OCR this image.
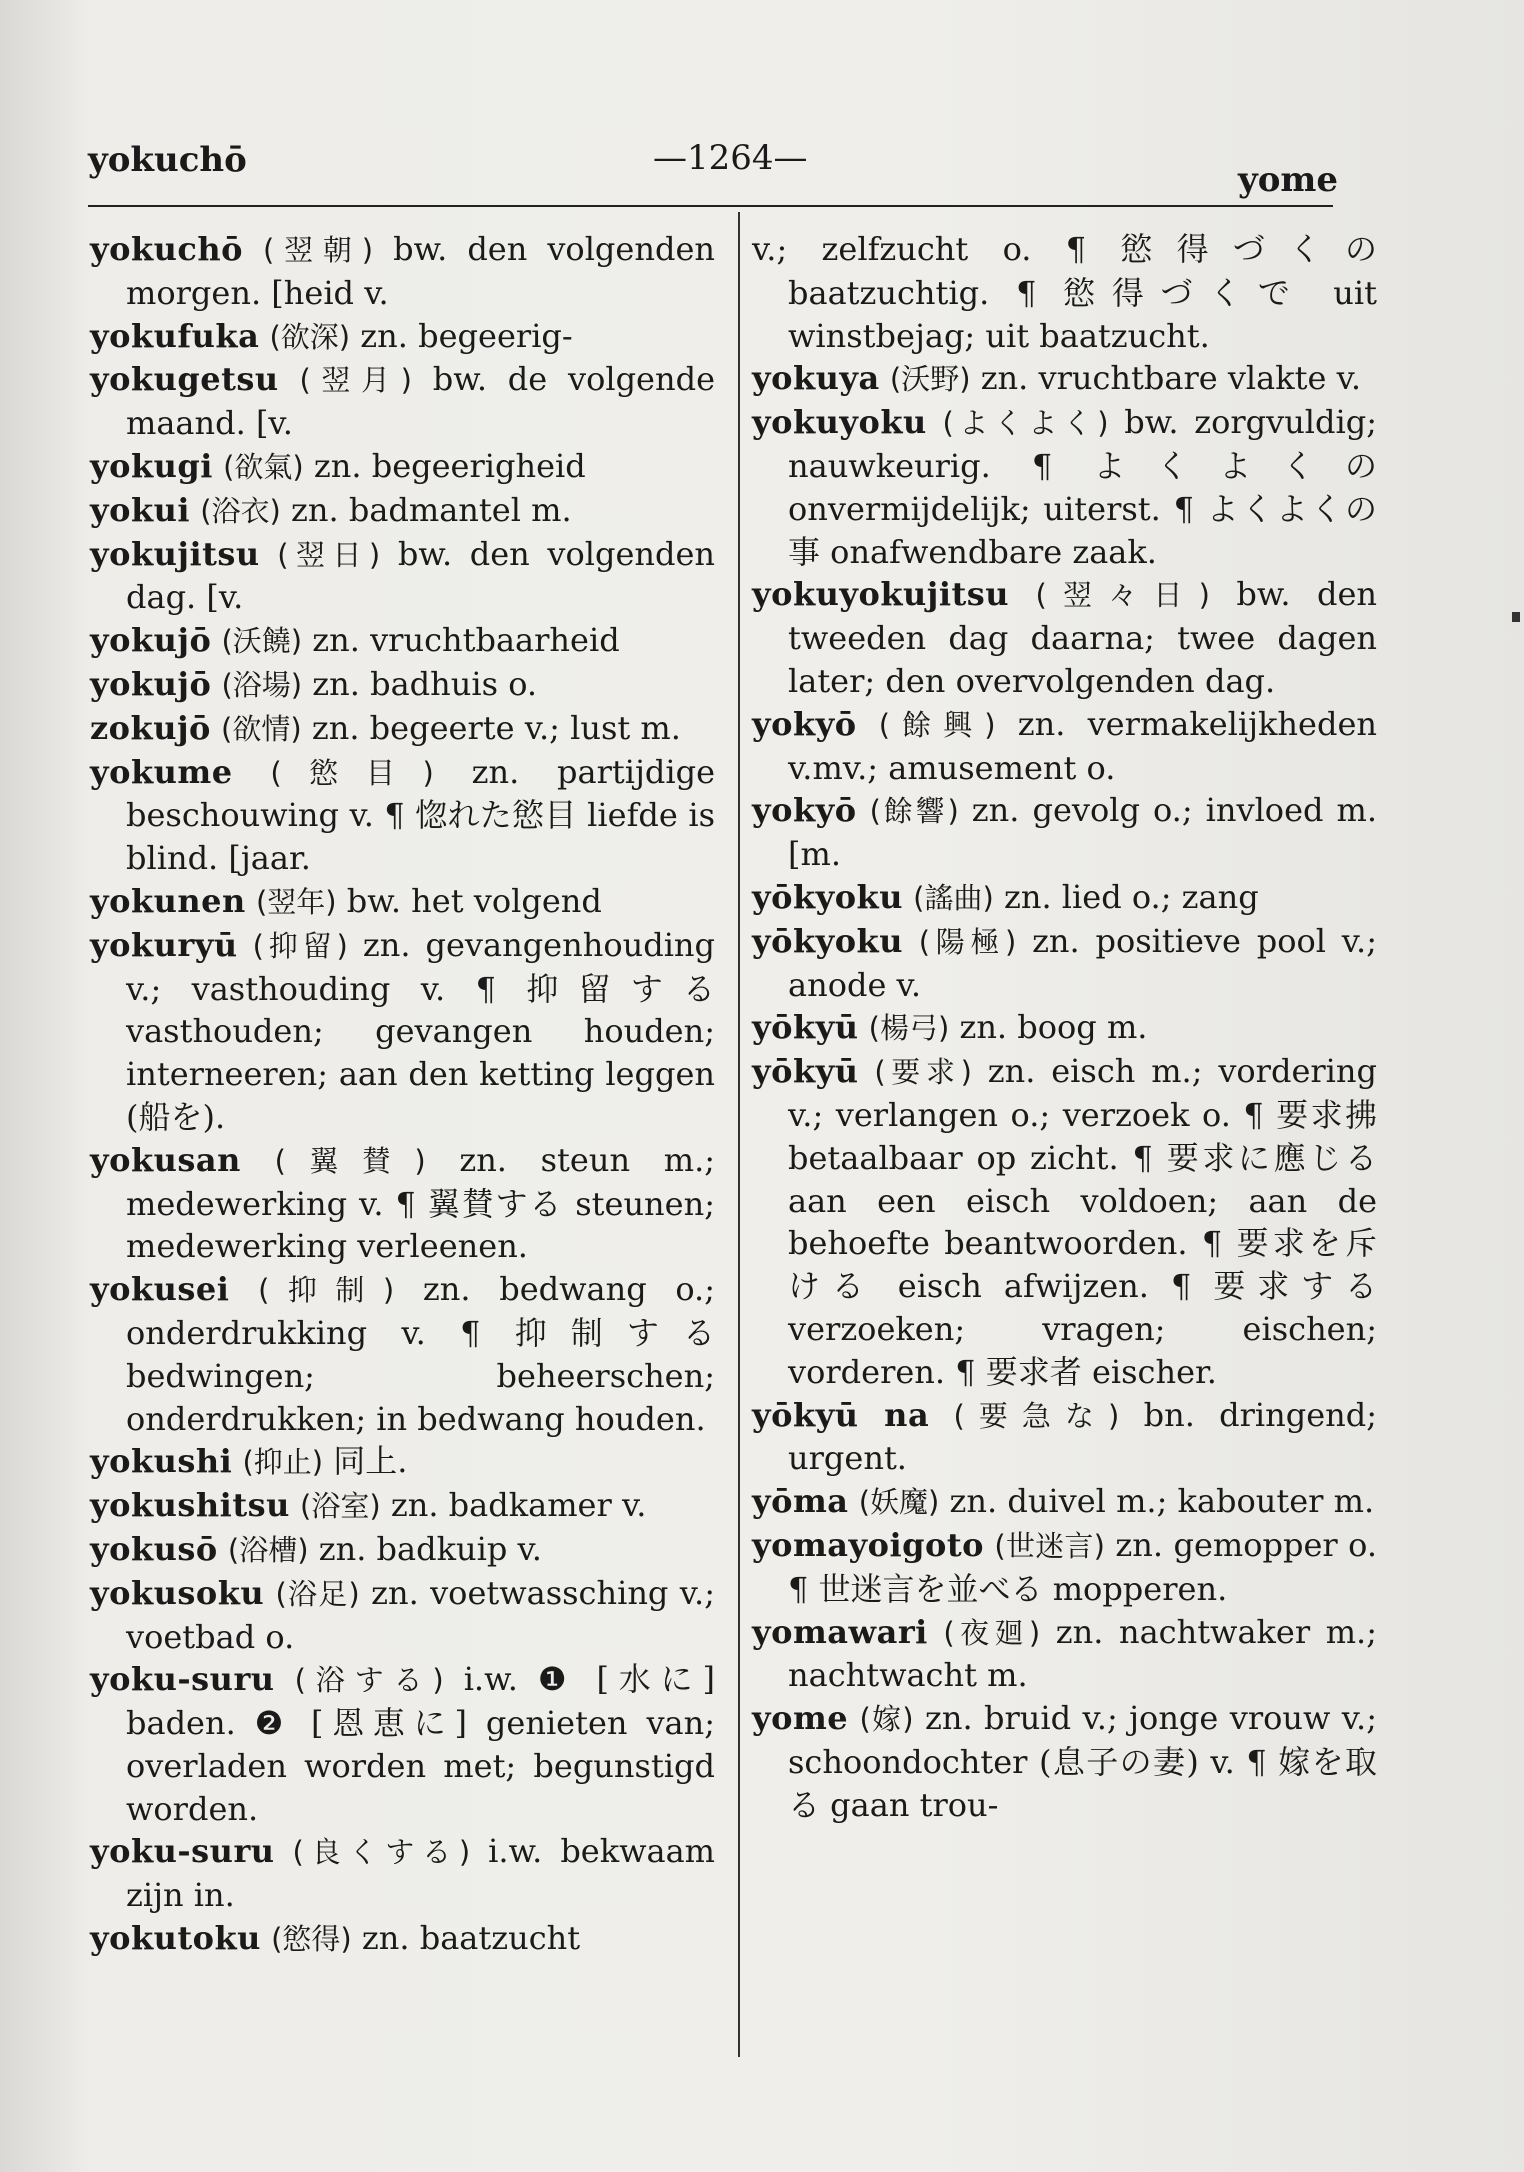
yokuchō	—1264—
yome

yokuchō (翌朝) bw. den volgenden morgen. [heid v.

yokufuka (欲深) zn. begeerig-

yokugetsu (翌月) bw. de volgende maand. [v.

yokugi (欲氣) zn. begeerigheid

yokui (浴衣) zn. badmantel m.

yokujitsu (翌日) bw. den volgenden dag. [v.

yokujō (沃饒) zn. vruchtbaarheid

yokujō (浴場) zn. badhuis o.

zokujō (欲情) zn. begeerte v.; lust m.

yokume (慾目) zn. partijdige beschouwing v. ¶ 惚れた慾目 liefde is blind. [jaar.

yokunen (翌年) bw. het volgend

yokuryū (抑留) zn. gevangenhouding v.; vasthouding v. ¶ 抑留する vasthouden; gevangen houden; interneeren; aan den ketting leggen (船を).

yokusan (翼賛) zn. steun m.; medewerking v. ¶ 翼賛する steunen; medewerking verleenen.

yokusei (抑制) zn. bedwang o.; onderdrukking v. ¶ 抑制する bedwingen; beheerschen; onderdrukken; in bedwang houden.

yokushi (抑止) 同上.

yokushitsu (浴室) zn. badkamer v.

yokusō (浴槽) zn. badkuip v.

yokusoku (浴足) zn. voetwassching v.; voetbad o.

yoku-suru (浴する) i.w. ❶ [水に] baden. ❷ [恩恵に] genieten van; overladen worden met; begunstigd worden.

yoku-suru (良くする) i.w. bekwaam zijn in.

yokutoku (慾得) zn. baatzucht

v.; zelfzucht o. ¶ 慾得づくの baatzuchtig. ¶ 慾得づくで uit winstbejag; uit baatzucht.

yokuya (沃野) zn. vruchtbare vlakte v.

yokuyoku (よくよく) bw. zorgvuldig; nauwkeurig. ¶ よくよくの onvermijdelijk; uiterst. ¶ よくよくの事 onafwendbare zaak.

yokuyokujitsu (翌々日) bw. den tweeden dag daarna; twee dagen later; den overvolgenden dag.

yokyō (餘興) zn. vermakelijkheden v.mv.; amusement o.

yokyō (餘響) zn. gevolg o.; invloed m. [m.

yōkyoku (謠曲) zn. lied o.; zang

yōkyoku (陽極) zn. positieve pool v.; anode v.

yōkyū (楊弓) zn. boog m.

yōkyū (要求) zn. eisch m.; vordering v.; verlangen o.; verzoek o. ¶ 要求拂 betaalbaar op zicht. ¶ 要求に應じる aan een eisch voldoen; aan de behoefte beantwoorden. ¶ 要求を斥ける eisch afwijzen. ¶ 要求する verzoeken; vragen; eischen; vorderen. ¶ 要求者 eischer.

yōkyū na (要急な) bn. dringend; urgent.

yōma (妖魔) zn. duivel m.; kabouter m.

yomayoigoto (世迷言) zn. gemopper o. ¶ 世迷言を並べる mopperen.

yomawari (夜廻) zn. nachtwaker m.; nachtwacht m.

yome (嫁) zn. bruid v.; jonge vrouw v.; schoondochter (息子の妻) v. ¶ 嫁を取る gaan trou-
